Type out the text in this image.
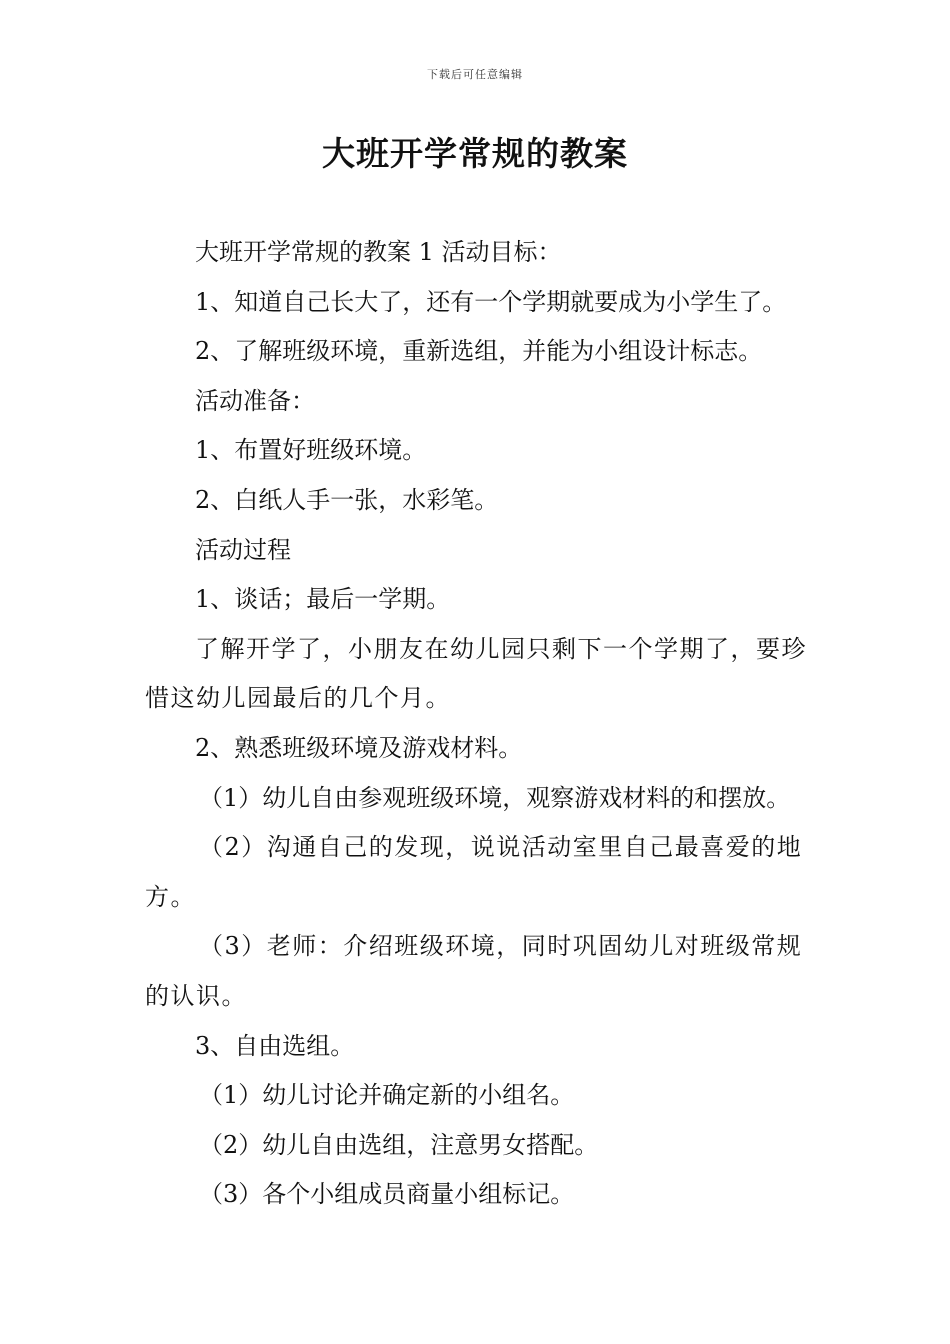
下载后可任意编辑
大班开学常规的教案

大班开学常规的教案 1 活动目标：

1、知道自己长大了，还有一个学期就要成为小学生了。

2、了解班级环境，重新选组，并能为小组设计标志。

活动准备：

1、布置好班级环境。

2、白纸人手一张，水彩笔。

活动过程

1、谈话；最后一学期。

了解开学了，小朋友在幼儿园只剩下一个学期了，要珍惜这幼儿园最后的几个月。

2、熟悉班级环境及游戏材料。

（1）幼儿自由参观班级环境，观察游戏材料的和摆放。

（2）沟通自己的发现，说说活动室里自己最喜爱的地方。

（3）老师：介绍班级环境，同时巩固幼儿对班级常规的认识。

3、自由选组。

（1）幼儿讨论并确定新的小组名。

（2）幼儿自由选组，注意男女搭配。

（3）各个小组成员商量小组标记。
